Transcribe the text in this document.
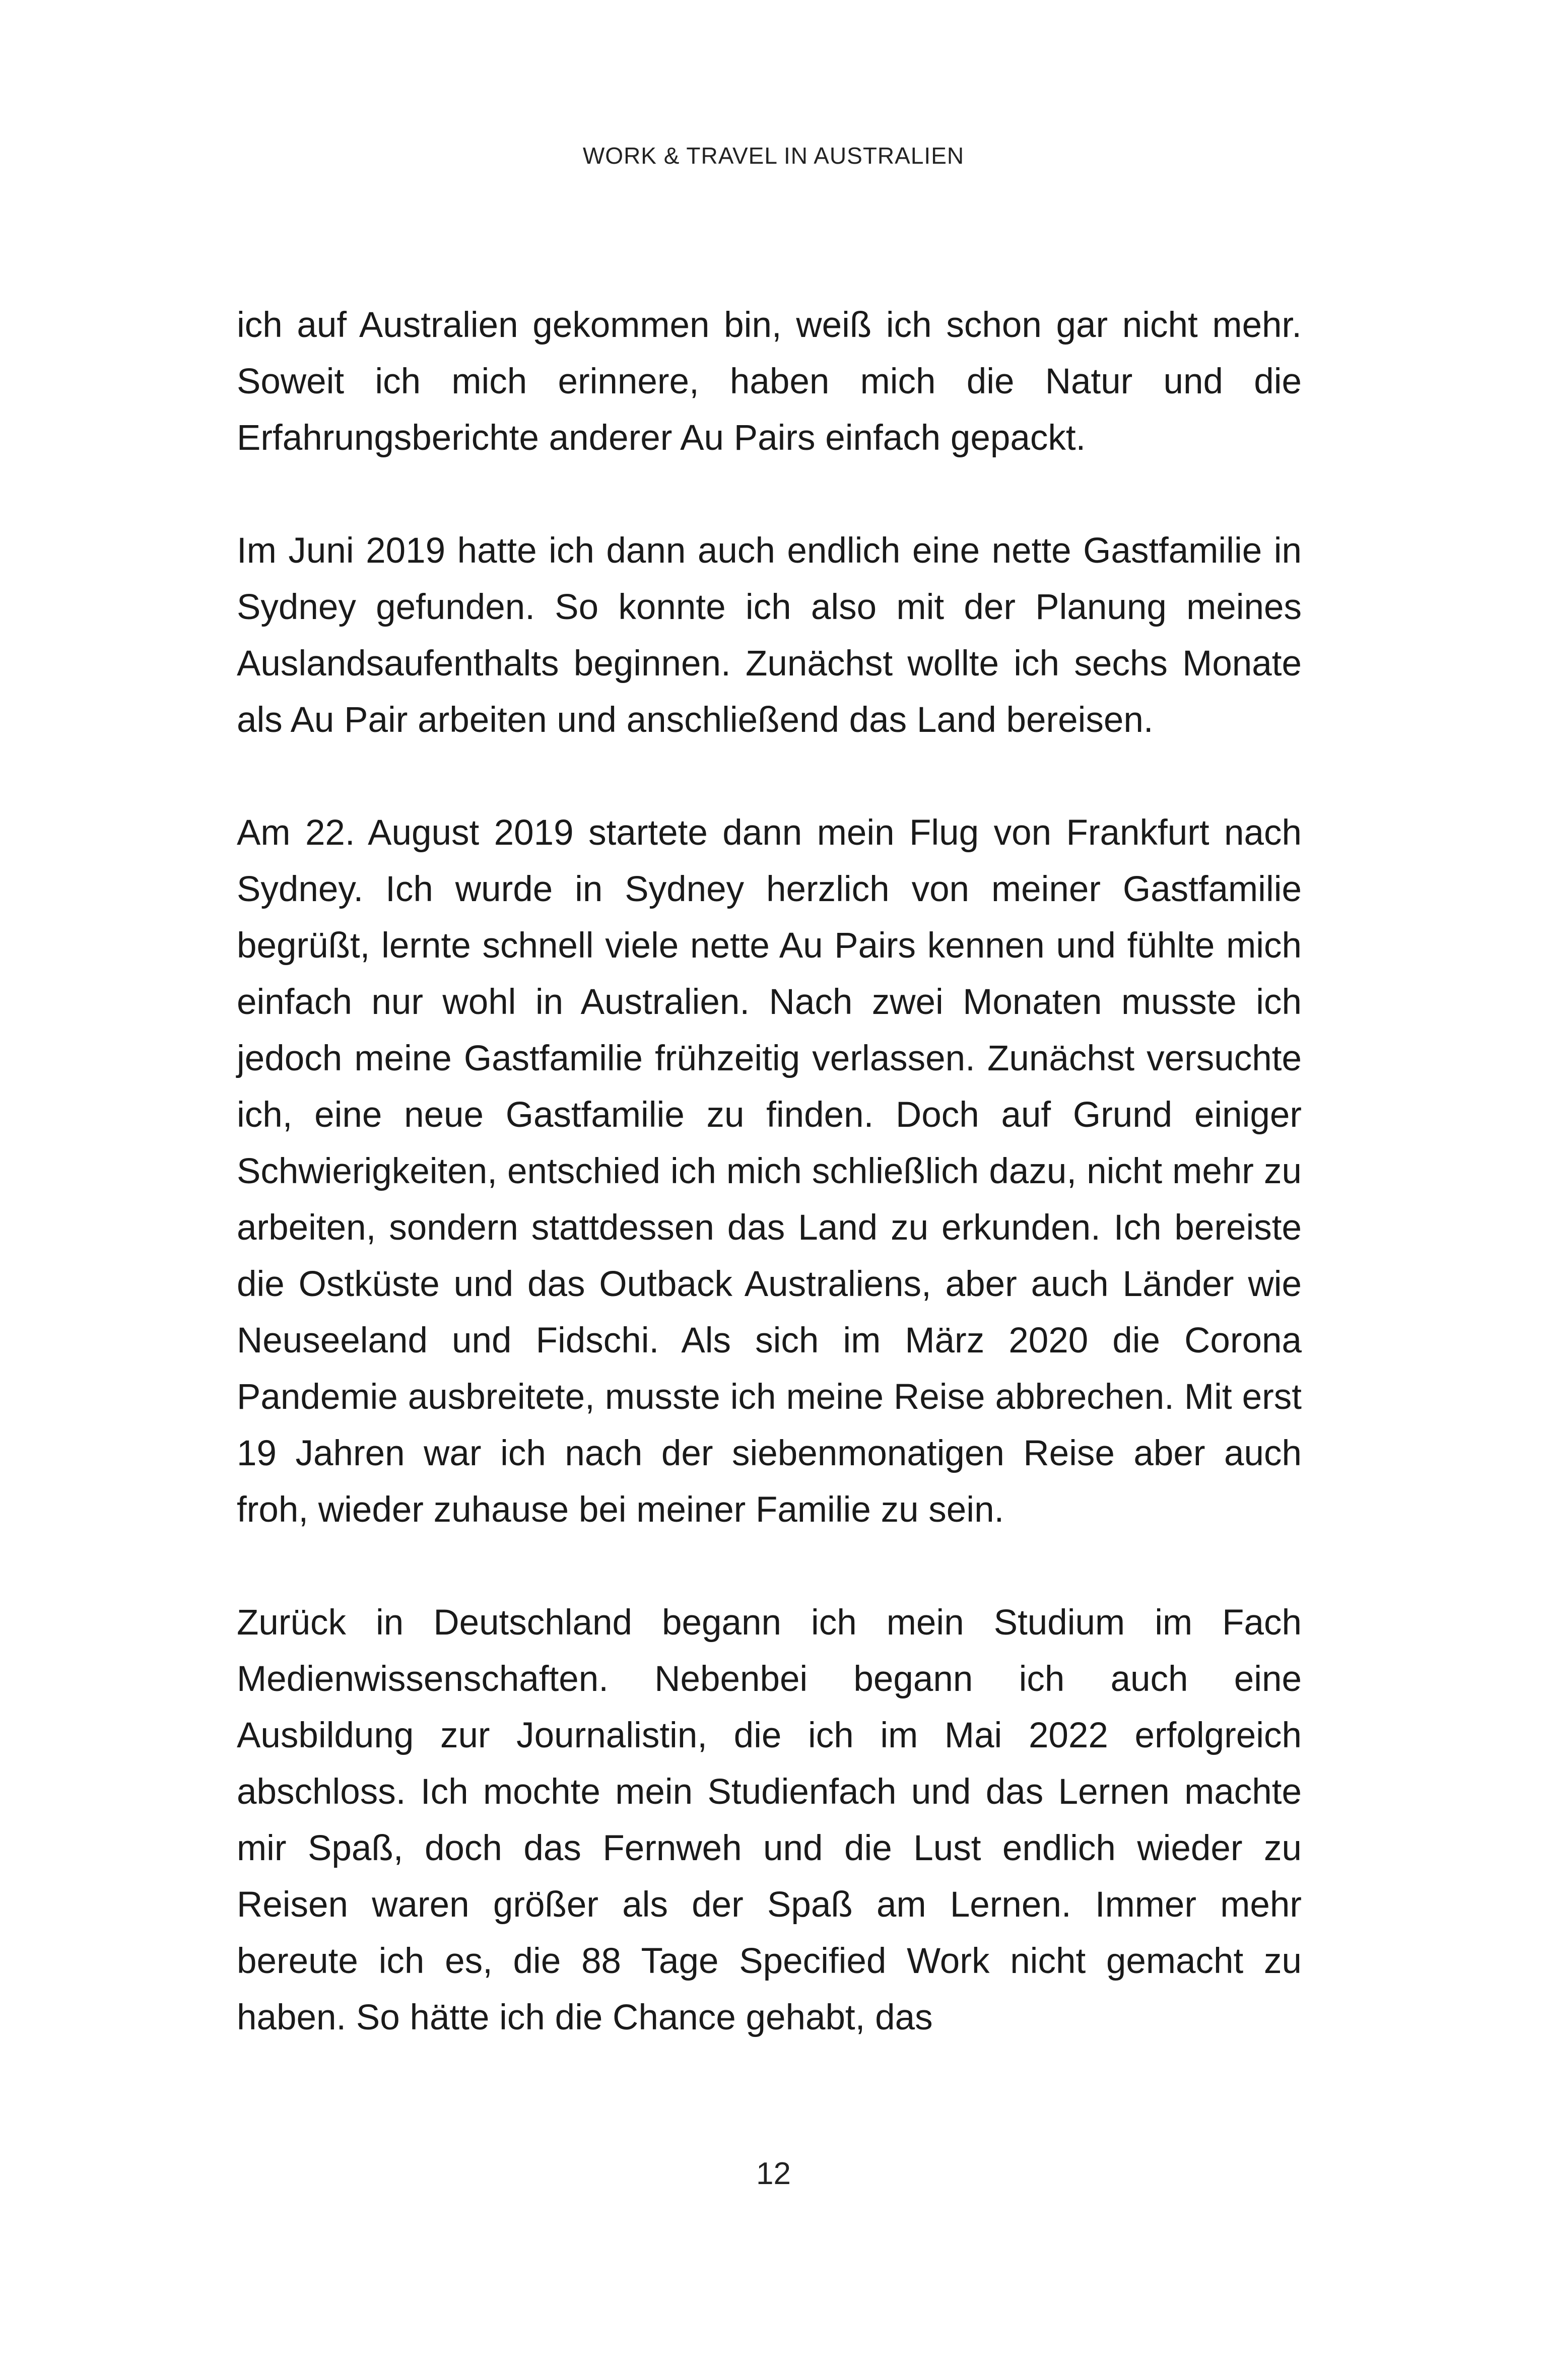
WORK & TRAVEL IN AUSTRALIEN

ich auf Australien gekommen bin, weiß ich schon gar nicht mehr. Soweit ich mich erinnere, haben mich die Natur und die Erfahrungsberichte anderer Au Pairs einfach gepackt.

Im Juni 2019 hatte ich dann auch endlich eine nette Gastfamilie in Sydney gefunden. So konnte ich also mit der Planung meines Auslandsaufenthalts beginnen. Zunächst wollte ich sechs Monate als Au Pair arbeiten und anschließend das Land bereisen.

Am 22. August 2019 startete dann mein Flug von Frankfurt nach Sydney. Ich wurde in Sydney herzlich von meiner Gastfamilie begrüßt, lernte schnell viele nette Au Pairs kennen und fühlte mich einfach nur wohl in Australien. Nach zwei Monaten musste ich jedoch meine Gastfamilie frühzeitig verlassen. Zunächst versuchte ich, eine neue Gastfamilie zu finden. Doch auf Grund einiger Schwierigkeiten, entschied ich mich schließlich dazu, nicht mehr zu arbeiten, sondern stattdessen das Land zu erkunden. Ich bereiste die Ostküste und das Outback Australiens, aber auch Länder wie Neuseeland und Fidschi. Als sich im März 2020 die Corona Pandemie ausbreitete, musste ich meine Reise abbrechen. Mit erst 19 Jahren war ich nach der siebenmonatigen Reise aber auch froh, wieder zuhause bei meiner Familie zu sein.

Zurück in Deutschland begann ich mein Studium im Fach Medienwissenschaften. Nebenbei begann ich auch eine Ausbildung zur Journalistin, die ich im Mai 2022 erfolgreich abschloss. Ich mochte mein Studienfach und das Lernen machte mir Spaß, doch das Fernweh und die Lust endlich wieder zu Reisen waren größer als der Spaß am Lernen. Immer mehr bereute ich es, die 88 Tage Specified Work nicht gemacht zu haben. So hätte ich die Chance gehabt, das

12
